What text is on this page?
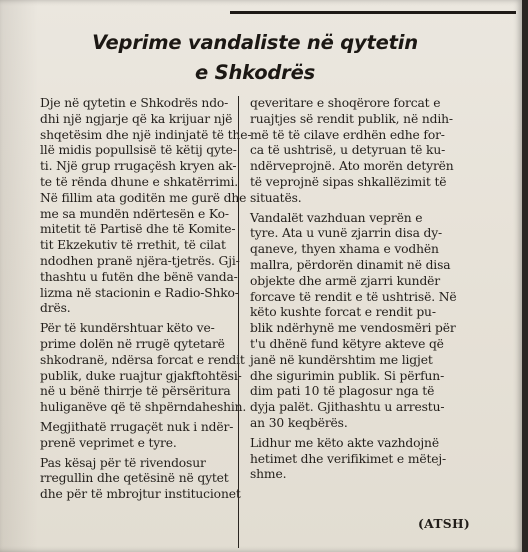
Veprime vandaliste në qytetin
e Shkodrës
Dje në qytetin e Shkodrës ndo-
dhi një ngjarje që ka krijuar një
shqetësim dhe një indinjatë të the-
llë midis popullsisë të këtij qyte-
ti. Një grup rrugaçësh kryen ak-
te të rënda dhune e shkatërrimi.
Në fillim ata goditën me gurë dhe
me sa mundën ndërtesën e Ko-
mitetit të Partisë dhe të Komite-
tit Ekzekutiv të rrethit, të cilat
ndodhen pranë njëra-tjetrës. Gji-
thashtu u futën dhe bënë vanda-
lizma në stacionin e Radio-Shko-
drës.
Për të kundërshtuar këto ve-
prime dolën në rrugë qytetarë
shkodranë, ndërsa forcat e rendit
publik, duke ruajtur gjakftohtësi-
në u bënë thirrje të përsëritura
huliganëve që të shpërndaheshin.
Megjithatë rrugaçët nuk i ndër-
prenë veprimet e tyre.
Pas kësaj për të rivendosur
rregullin dhe qetësinë në qytet
dhe për të mbrojtur institucionet
qeveritare e shoqërore forcat e
ruajtjes së rendit publik, në ndih-
më të të cilave erdhën edhe for-
ca të ushtrisë, u detyruan të ku-
ndërveprojnë. Ato morën detyrën
të veprojnë sipas shkallëzimit të
situatës.
Vandalët vazhduan veprën e
tyre. Ata u vunë zjarrin disa dy-
qaneve, thyen xhama e vodhën
mallra, përdorën dinamit në disa
objekte dhe armë zjarri kundër
forcave të rendit e të ushtrisë. Në
këto kushte forcat e rendit pu-
blik ndërhynë me vendosmëri për
t'u dhënë fund këtyre akteve që
janë në kundërshtim me ligjet
dhe sigurimin publik. Si përfun-
dim pati 10 të plagosur nga të
dyja palët. Gjithashtu u arrestu-
an 30 keqbërës.
Lidhur me këto akte vazhdojnë
hetimet dhe verifikimet e mëtej-
shme.
(ATSH)
